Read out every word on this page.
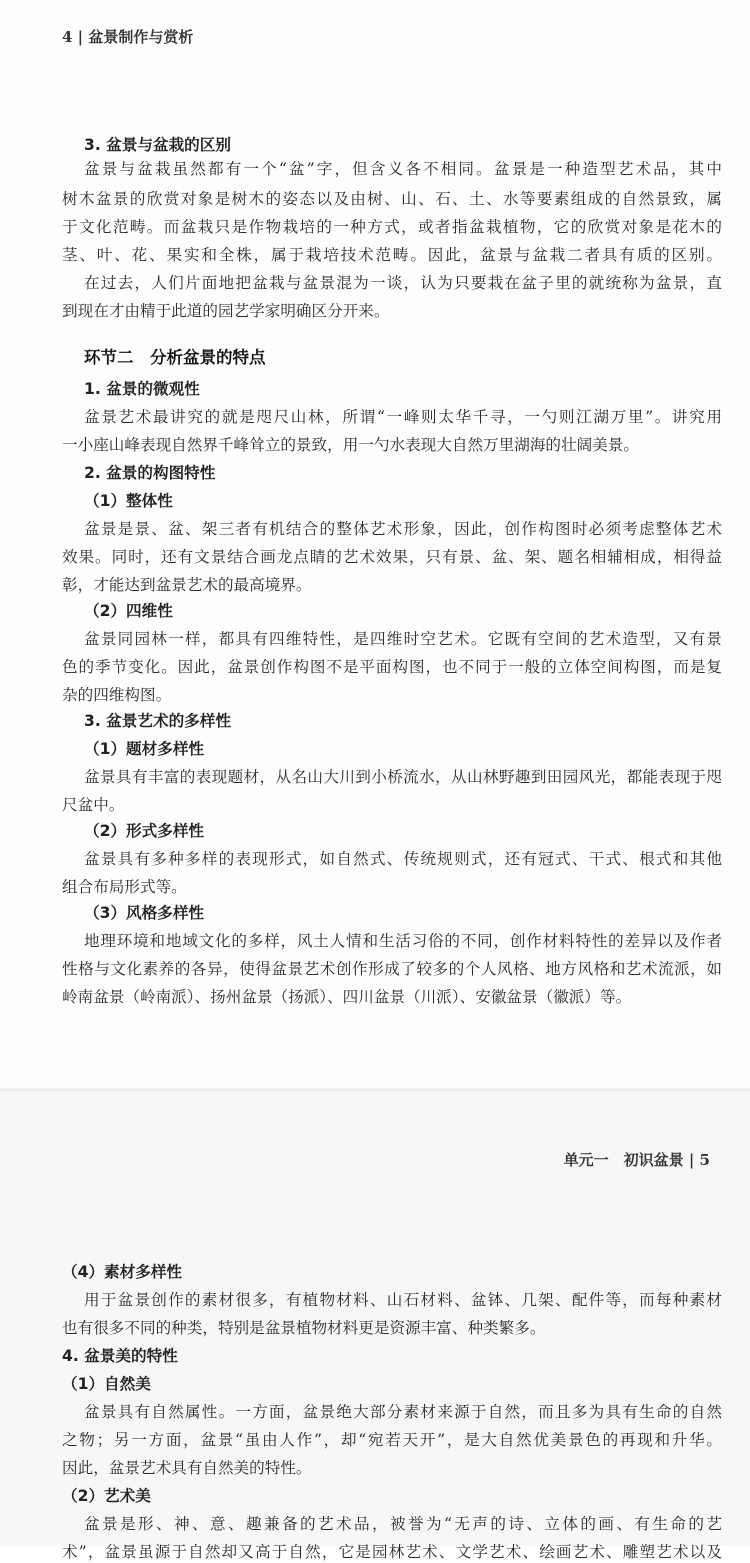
4 | 盆景制作与赏析
3. 盆景与盆栽的区别
盆景与盆栽虽然都有一个“盆”字，但含义各不相同。盆景是一种造型艺术品，其中
树木盆景的欣赏对象是树木的姿态以及由树、山、石、土、水等要素组成的自然景致，属
于文化范畴。而盆栽只是作物栽培的一种方式，或者指盆栽植物，它的欣赏对象是花木的
茎、叶、花、果实和全株，属于栽培技术范畴。因此，盆景与盆栽二者具有质的区别。
在过去，人们片面地把盆栽与盆景混为一谈，认为只要栽在盆子里的就统称为盆景，直
到现在才由精于此道的园艺学家明确区分开来。
环节二　分析盆景的特点
1. 盆景的微观性
盆景艺术最讲究的就是咫尺山林，所谓“一峰则太华千寻，一勺则江湖万里”。讲究用
一小座山峰表现自然界千峰耸立的景致，用一勺水表现大自然万里湖海的壮阔美景。
2. 盆景的构图特性
（1）整体性
盆景是景、盆、架三者有机结合的整体艺术形象，因此，创作构图时必须考虑整体艺术
效果。同时，还有文景结合画龙点睛的艺术效果，只有景、盆、架、题名相辅相成，相得益
彰，才能达到盆景艺术的最高境界。
（2）四维性
盆景同园林一样，都具有四维特性，是四维时空艺术。它既有空间的艺术造型，又有景
色的季节变化。因此，盆景创作构图不是平面构图，也不同于一般的立体空间构图，而是复
杂的四维构图。
3. 盆景艺术的多样性
（1）题材多样性
盆景具有丰富的表现题材，从名山大川到小桥流水，从山林野趣到田园风光，都能表现于咫
尺盆中。
（2）形式多样性
盆景具有多种多样的表现形式，如自然式、传统规则式，还有冠式、干式、根式和其他
组合布局形式等。
（3）风格多样性
地理环境和地域文化的多样，风土人情和生活习俗的不同，创作材料特性的差异以及作者
性格与文化素养的各异，使得盆景艺术创作形成了较多的个人风格、地方风格和艺术流派，如
岭南盆景（岭南派）、扬州盆景（扬派）、四川盆景（川派）、安徽盆景（徽派）等。
单元一　初识盆景 | 5
（4）素材多样性
用于盆景创作的素材很多，有植物材料、山石材料、盆钵、几架、配件等，而每种素材
也有很多不同的种类，特别是盆景植物材料更是资源丰富、种类繁多。
4. 盆景美的特性
（1）自然美
盆景具有自然属性。一方面，盆景绝大部分素材来源于自然，而且多为具有生命的自然
之物；另一方面，盆景“虽由人作”，却“宛若天开”，是大自然优美景色的再现和升华。
因此，盆景艺术具有自然美的特性。
（2）艺术美
盆景是形、神、意、趣兼备的艺术品，被誉为“无声的诗、立体的画、有生命的艺
术”，盆景虽源于自然却又高于自然，它是园林艺术、文学艺术、绘画艺术、雕塑艺术以及
